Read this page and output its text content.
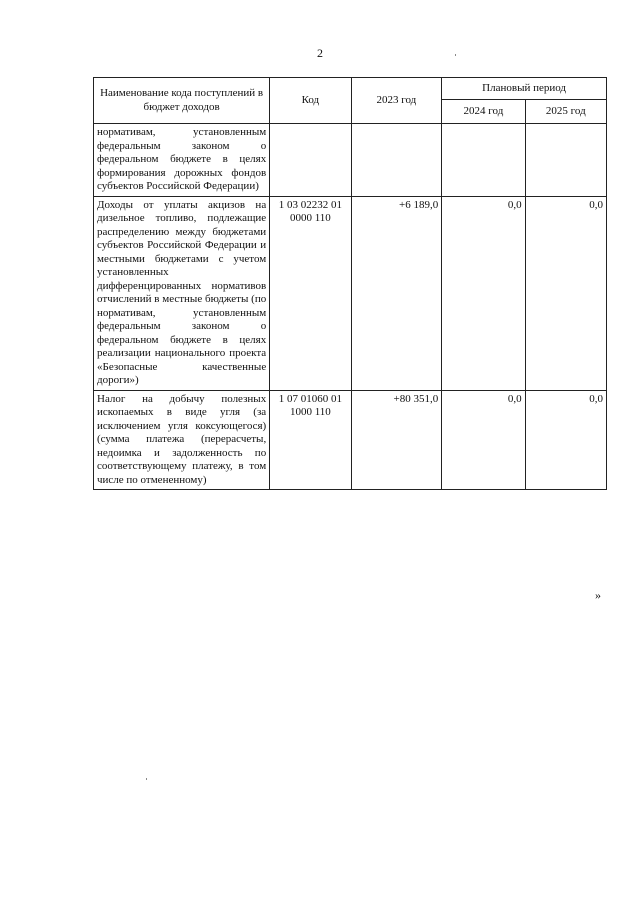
2
Наименование кода поступлений в бюджет доходов	Код	2023 год	Плановый период	
			2024 год	2025 год
нормативам, установленным федеральным законом о федеральном бюджете в целях формирования дорожных фондов субъектов Российской Федерации)				
Доходы от уплаты акцизов на дизельное топливо, подлежащие распределению между бюджетами субъектов Российской Федерации и местными бюджетами с учетом установленных дифференцированных нормативов отчислений в местные бюджеты (по нормативам, установленным федеральным законом о федеральном бюджете в целях реализации национального проекта «Безопасные качественные дороги»)	1 03 02232 01 0000 110	+6 189,0	0,0	0,0
Налог на добычу полезных ископаемых в виде угля (за исключением угля коксующегося) (сумма платежа (перерасчеты, недоимка и задолженность по соответствующему платежу, в том числе по отмененному)	1 07 01060 01 1000 110	+80 351,0	0,0	0,0
»
